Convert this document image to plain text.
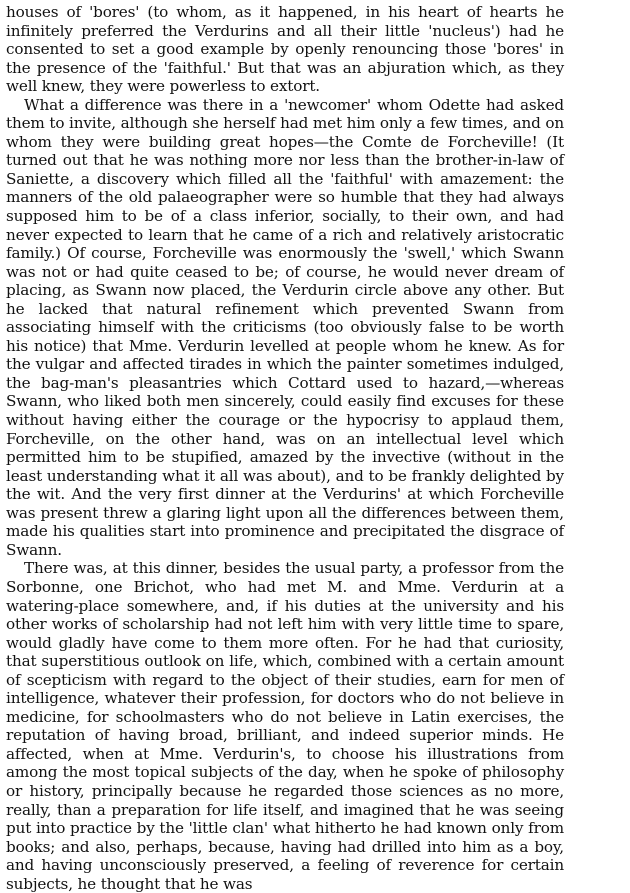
houses of 'bores' (to whom, as it happened, in his heart of hearts he infinitely preferred the Verdurins and all their little 'nucleus') had he consented to set a good example by openly renouncing those 'bores' in the presence of the 'faithful.' But that was an abjuration which, as they well knew, they were powerless to extort.

What a difference was there in a 'newcomer' whom Odette had asked them to invite, although she herself had met him only a few times, and on whom they were building great hopes—the Comte de Forcheville! (It turned out that he was nothing more nor less than the brother-in-law of Saniette, a discovery which filled all the 'faithful' with amazement: the manners of the old palaeographer were so humble that they had always supposed him to be of a class inferior, socially, to their own, and had never expected to learn that he came of a rich and relatively aristocratic family.) Of course, Forcheville was enormously the 'swell,' which Swann was not or had quite ceased to be; of course, he would never dream of placing, as Swann now placed, the Verdurin circle above any other. But he lacked that natural refinement which prevented Swann from associating himself with the criticisms (too obviously false to be worth his notice) that Mme. Verdurin levelled at people whom he knew. As for the vulgar and affected tirades in which the painter sometimes indulged, the bag-man's pleasantries which Cottard used to hazard,—whereas Swann, who liked both men sincerely, could easily find excuses for these without having either the courage or the hypocrisy to applaud them, Forcheville, on the other hand, was on an intellectual level which permitted him to be stupified, amazed by the invective (without in the least understanding what it all was about), and to be frankly delighted by the wit. And the very first dinner at the Verdurins' at which Forcheville was present threw a glaring light upon all the differences between them, made his qualities start into prominence and precipitated the disgrace of Swann.

There was, at this dinner, besides the usual party, a professor from the Sorbonne, one Brichot, who had met M. and Mme. Verdurin at a watering-place somewhere, and, if his duties at the university and his other works of scholarship had not left him with very little time to spare, would gladly have come to them more often. For he had that curiosity, that superstitious outlook on life, which, combined with a certain amount of scepticism with regard to the object of their studies, earn for men of intelligence, whatever their profession, for doctors who do not believe in medicine, for schoolmasters who do not believe in Latin exercises, the reputation of having broad, brilliant, and indeed superior minds. He affected, when at Mme. Verdurin's, to choose his illustrations from among the most topical subjects of the day, when he spoke of philosophy or history, principally because he regarded those sciences as no more, really, than a preparation for life itself, and imagined that he was seeing put into practice by the 'little clan' what hitherto he had known only from books; and also, perhaps, because, having had drilled into him as a boy, and having unconsciously preserved, a feeling of reverence for certain subjects, he thought that he was
